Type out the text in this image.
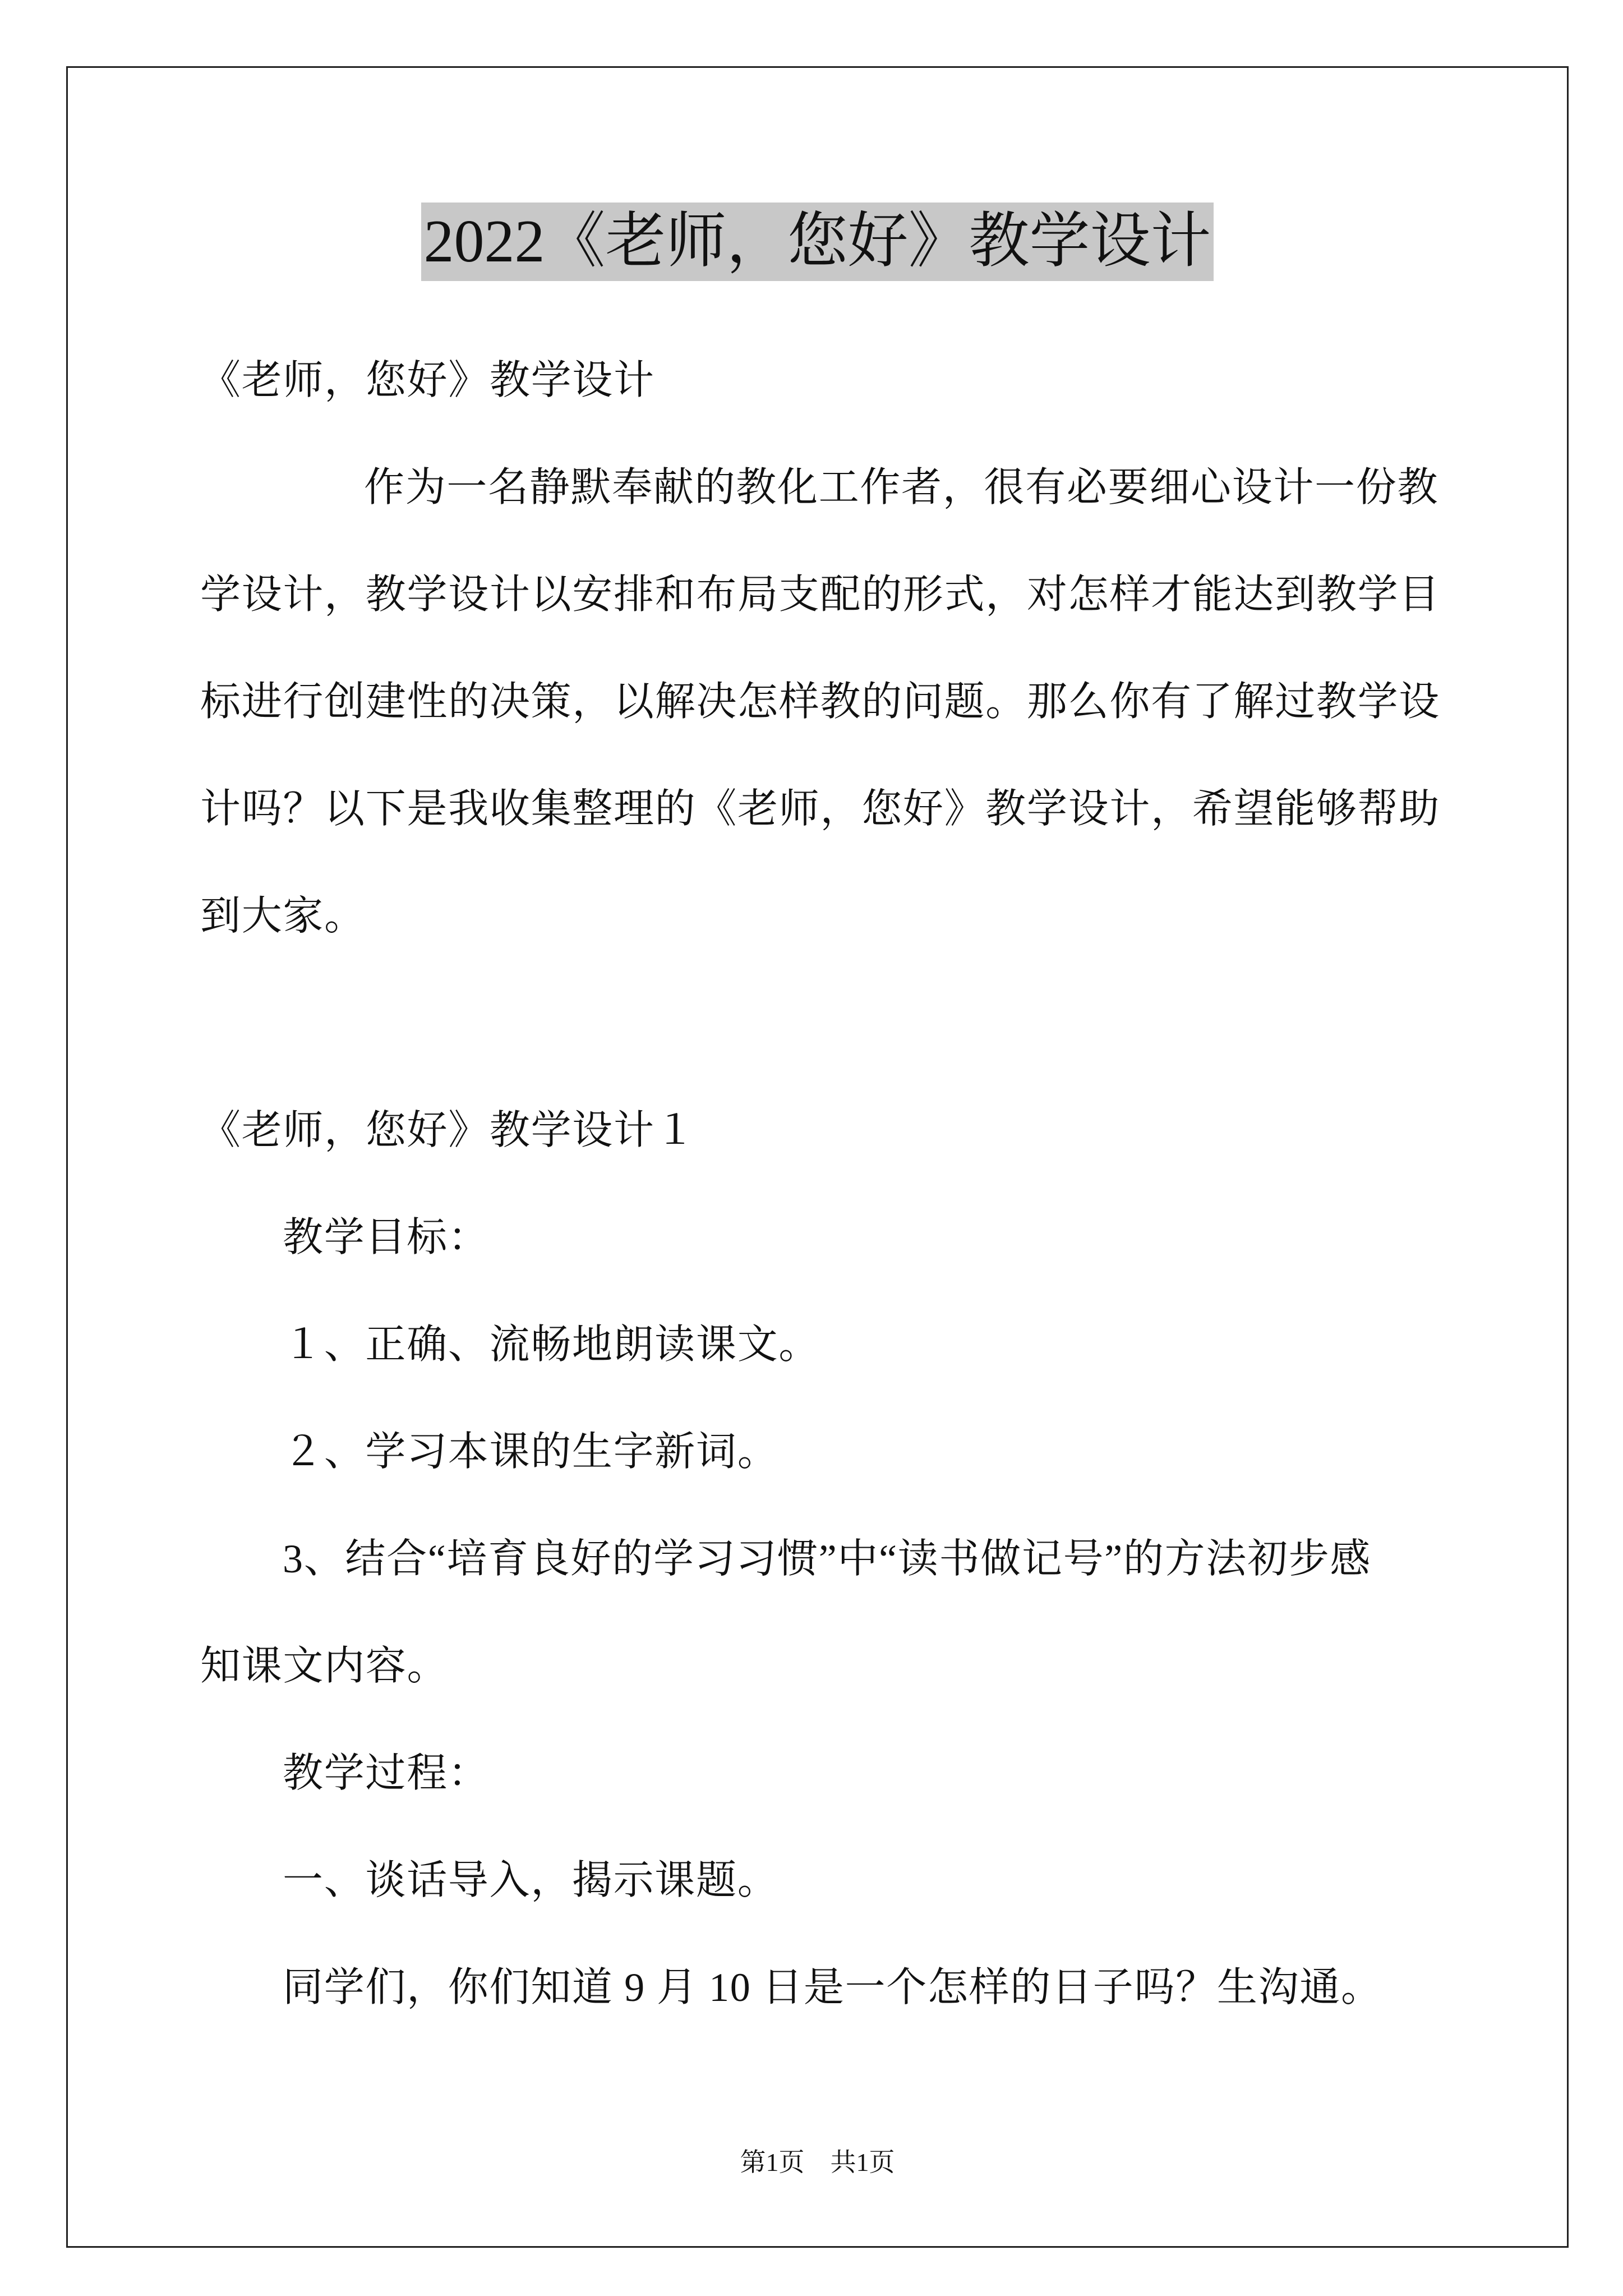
2022《老师，您好》教学设计
《老师，您好》教学设计
作为一名静默奉献的教化工作者，很有必要细心设计一份教
学设计，教学设计以安排和布局支配的形式，对怎样才能达到教学目
标进行创建性的决策，以解决怎样教的问题。那么你有了解过教学设
计吗？以下是我收集整理的《老师，您好》教学设计，希望能够帮助
到大家。
《老师，您好》教学设计１
教学目标：
１、正确、流畅地朗读课文。
２、学习本课的生字新词。
3、结合“培育良好的学习习惯”中“读书做记号”的方法初步感
知课文内容。
教学过程：
一、谈话导入，揭示课题。
同学们，你们知道 9 月 10 日是一个怎样的日子吗？生沟通。
第1页　共1页
